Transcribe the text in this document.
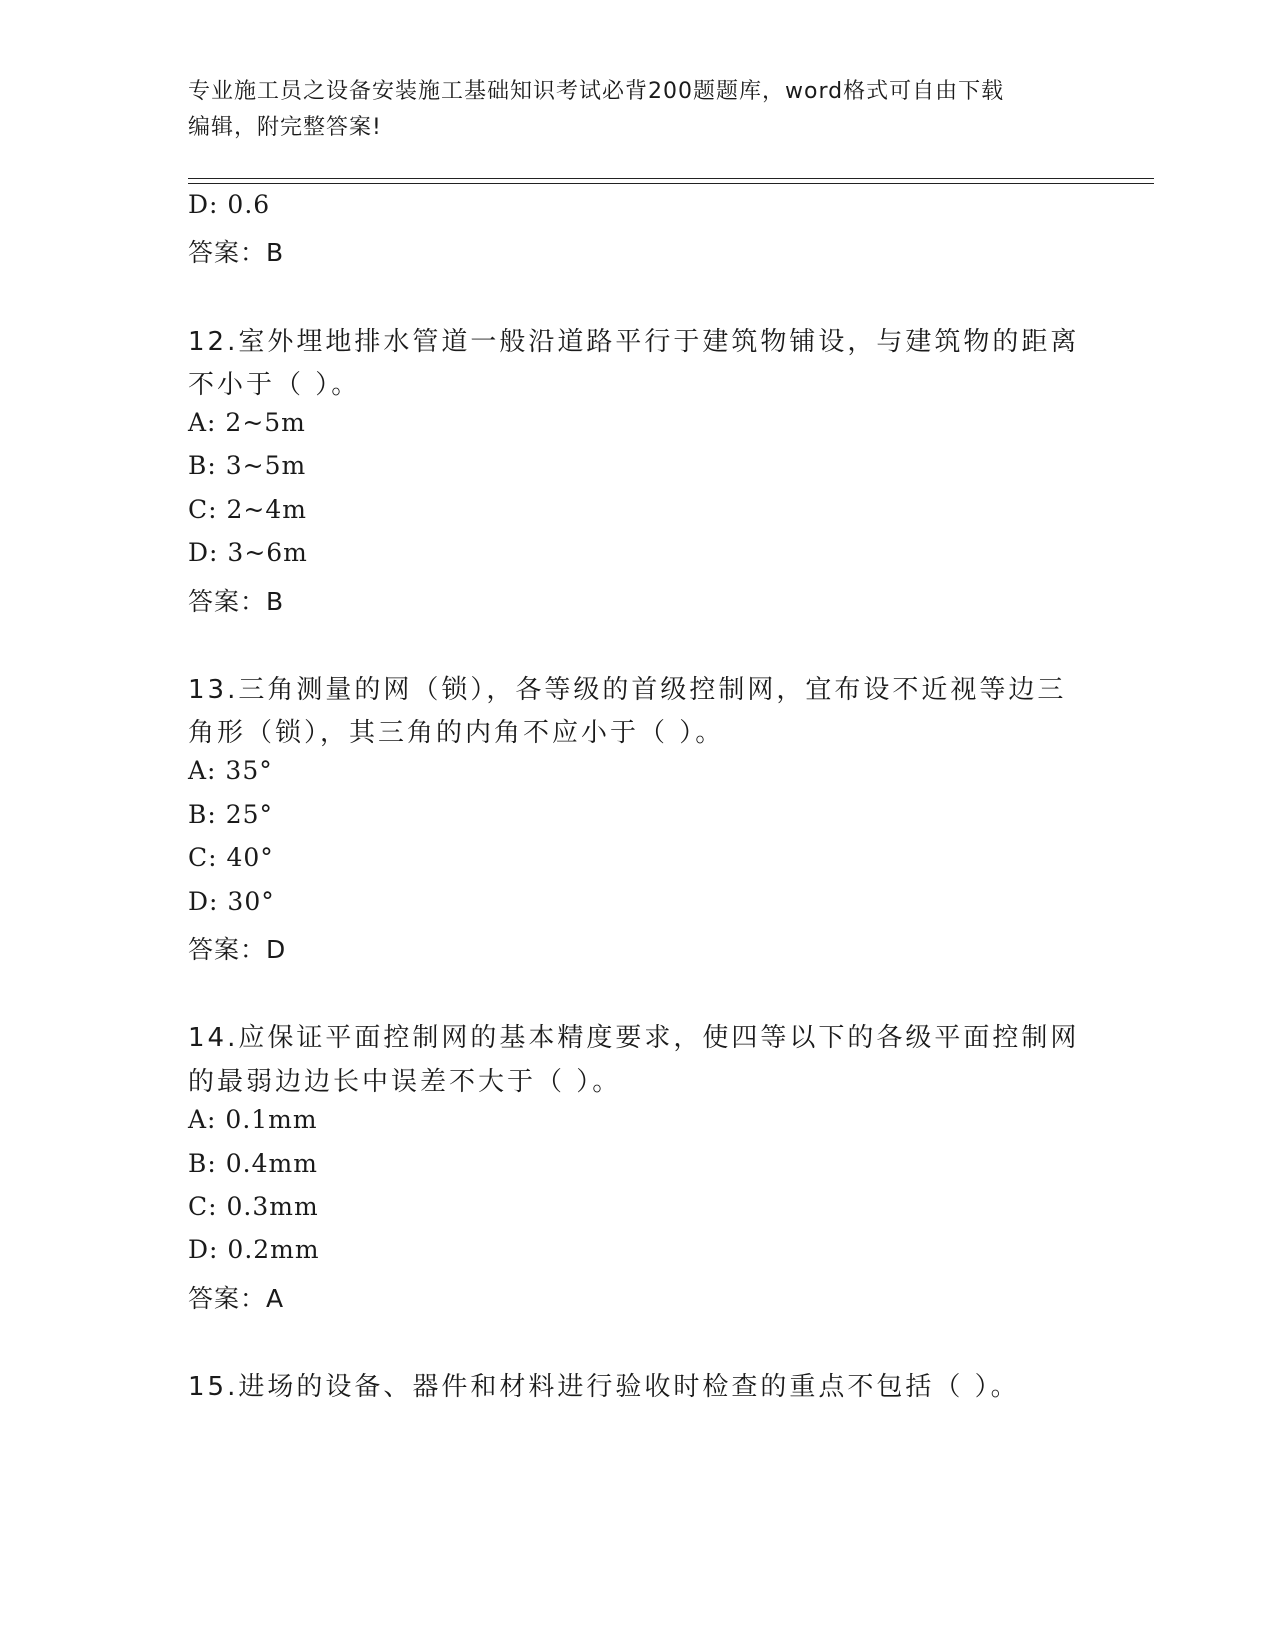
专业施工员之设备安装施工基础知识考试必背200题题库，word格式可自由下载
编辑，附完整答案!
D: 0.6
答案：B
12.室外埋地排水管道一般沿道路平行于建筑物铺设，与建筑物的距离
不小于（ ）。
A: 2~5m
B: 3~5m
C: 2~4m
D: 3~6m
答案：B
13.三角测量的网（锁），各等级的首级控制网，宜布设不近视等边三
角形（锁），其三角的内角不应小于（ ）。
A: 35°
B: 25°
C: 40°
D: 30°
答案：D
14.应保证平面控制网的基本精度要求，使四等以下的各级平面控制网
的最弱边边长中误差不大于（ ）。
A: 0.1mm
B: 0.4mm
C: 0.3mm
D: 0.2mm
答案：A
15.进场的设备、器件和材料进行验收时检查的重点不包括（ ）。
